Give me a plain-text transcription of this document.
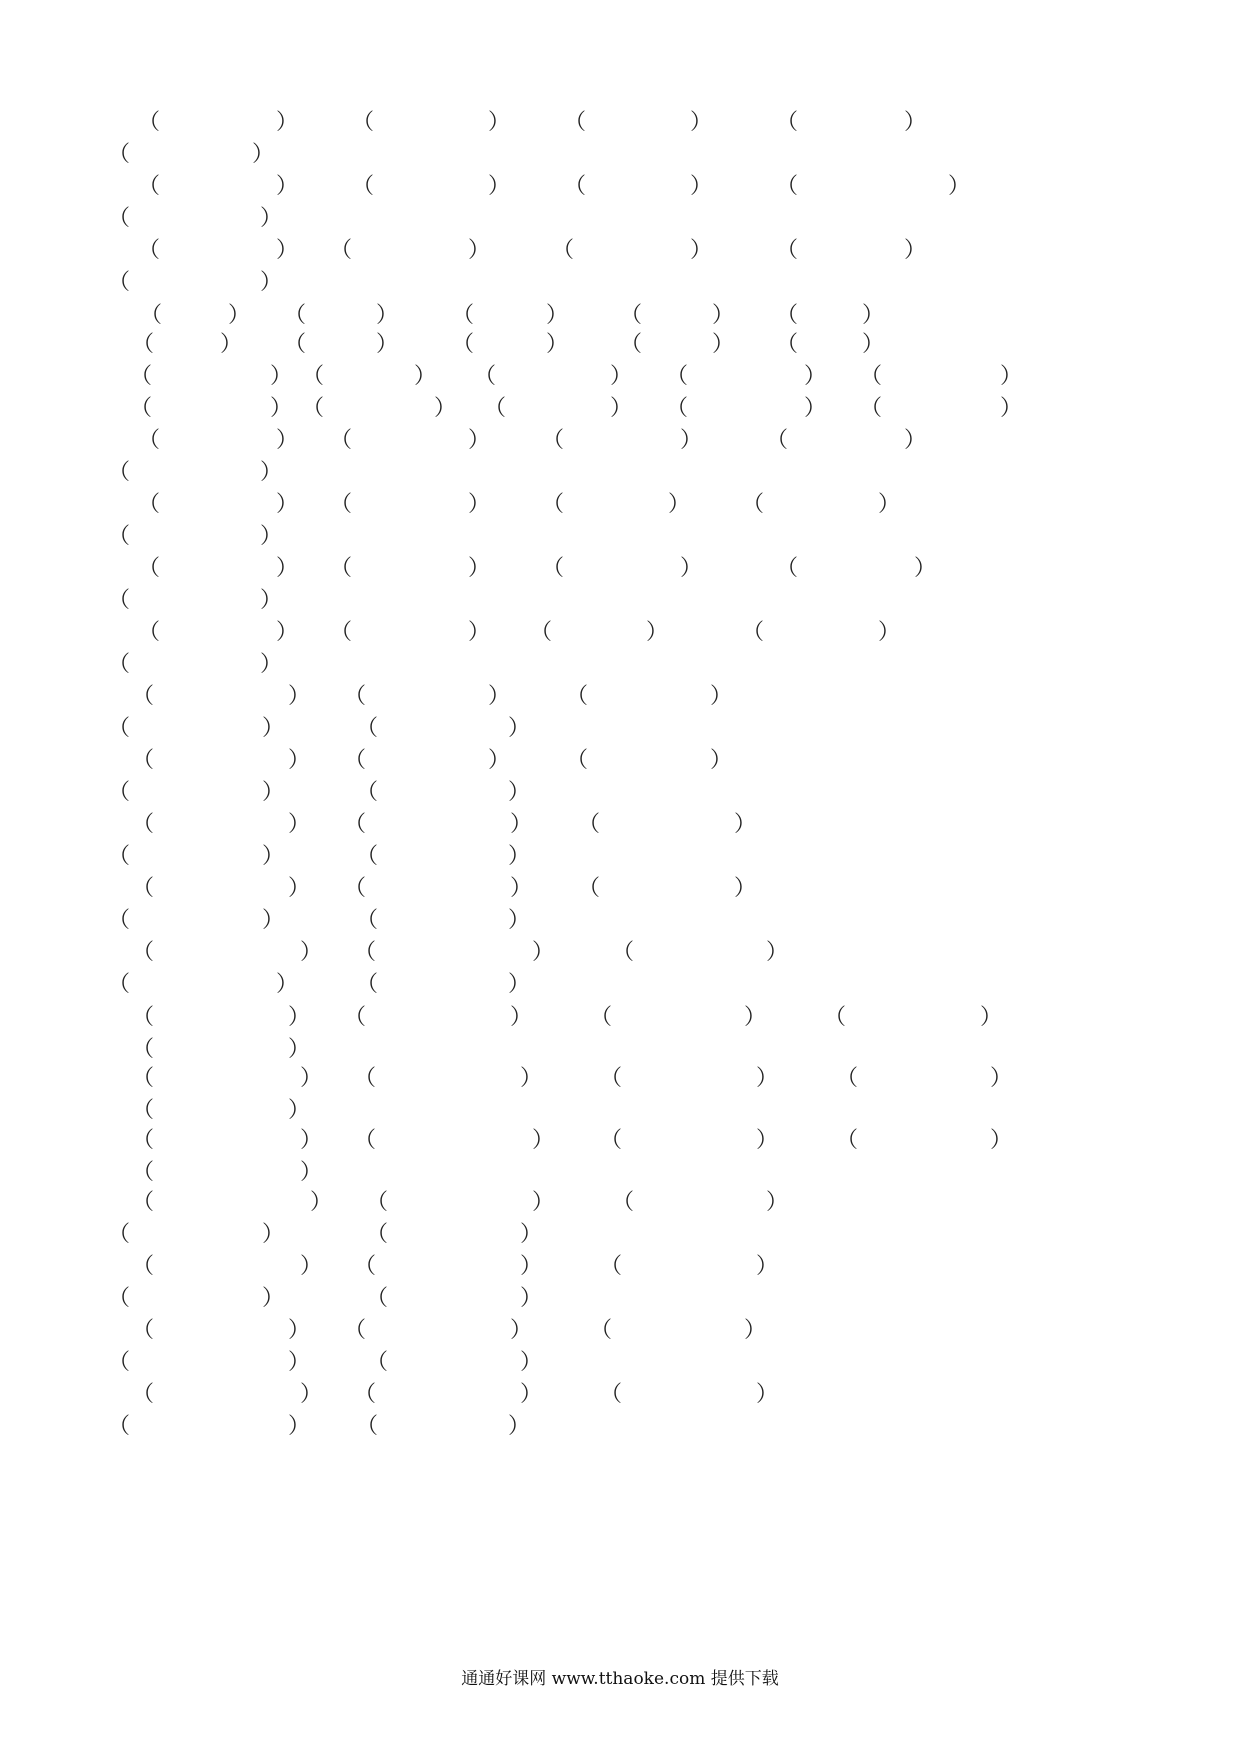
（	） （	） （	）	（	）
（	）
（	） （	） （	）	（	）
（	）
（	） （	）	（	）	（	）
（	）
（	） （	） （	） （	） （	）
（	） （	） （	） （	） （	）
（	） （	） （	） （	） （	）
（	） （	） （	） （	） （	）
（	） （	） （	）	（	）
（	）
（	） （	） （	） （	）
（	）
（	） （	） （	）	（	）
（	）
（	） （	） （	）	（	）
（	）
（	） （	）	（	）
（	）	（	）
（	） （	）	（	）
（	）	（	）
（	） （	） （	）
（	）	（	）
（	） （	） （	）
（	）	（	）
（	） （	）	（	）
（	）	（	）
（	） （	）	（	）	（	）
（	）
（	） （	）	（	）	（	）
（	）
（	） （	） （	）	（	）
（	）
（	） （	）	（	）
（	）	（	）
（	） （	）	（	）
（	）	（	）
（	） （	）	（	）
（	）	（	）
（	） （	）	（	）
（	） （	）
通通好课网 www.tthaoke.com 提供下载
